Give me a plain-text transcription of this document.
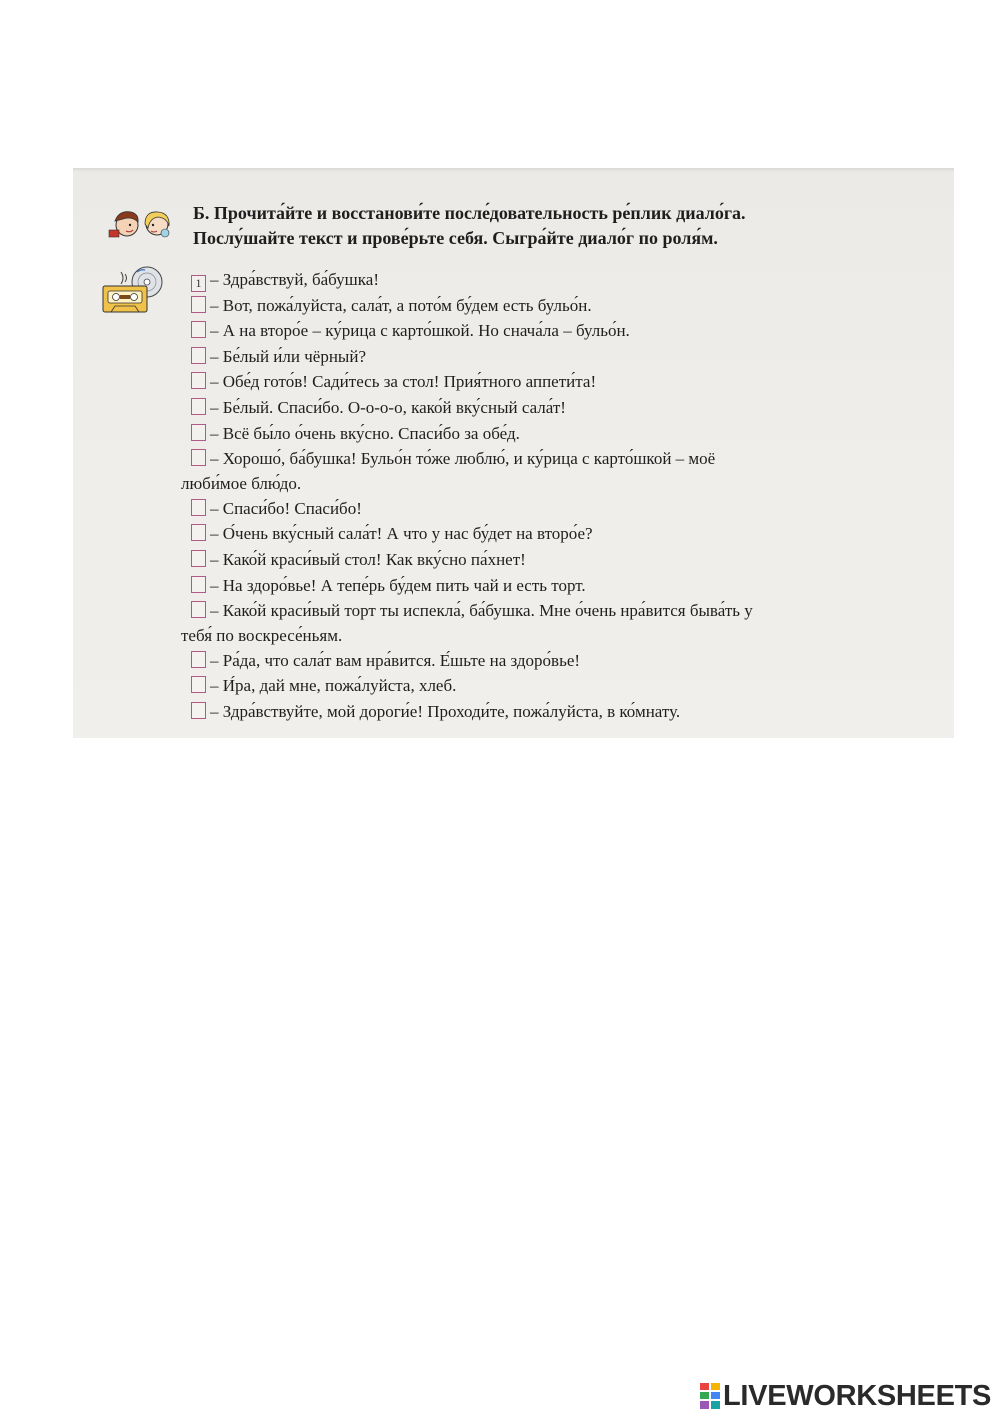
Б. Прочита́йте и восстанови́те после́довательность ре́плик диало́га.
Послу́шайте текст и прове́рьте себя. Сыгра́йте диало́г по роля́м.
1 – Здра́вствуй, ба́бушка!
– Вот, пожа́луйста, сала́т, а пото́м бу́дем есть бульо́н.
– А на второ́е – ку́рица с карто́шкой. Но снача́ла – бульо́н.
– Бе́лый и́ли чёрный?
– Обе́д гото́в! Сади́тесь за стол! Прия́тного аппети́та!
– Бе́лый. Спаси́бо. О-о-о-о, како́й вку́сный сала́т!
– Всё бы́ло о́чень вку́сно. Спаси́бо за обе́д.
– Хорошо́, ба́бушка! Бульо́н то́же люблю́, и ку́рица с карто́шкой – моё
люби́мое блю́до.
– Спаси́бо! Спаси́бо!
– О́чень вку́сный сала́т! А что у нас бу́дет на второ́е?
– Како́й краси́вый стол! Как вку́сно па́хнет!
– На здоро́вье! А тепе́рь бу́дем пить чай и есть торт.
– Како́й краси́вый торт ты испекла́, ба́бушка. Мне о́чень нра́вится быва́ть у
тебя́ по воскресе́ньям.
– Ра́да, что сала́т вам нра́вится. Е́шьте на здоро́вье!
– И́ра, дай мне, пожа́луйста, хлеб.
– Здра́вствуйте, мой дороги́е! Проходи́те, пожа́луйста, в ко́мнату.
LIVEWORKSHEETS
